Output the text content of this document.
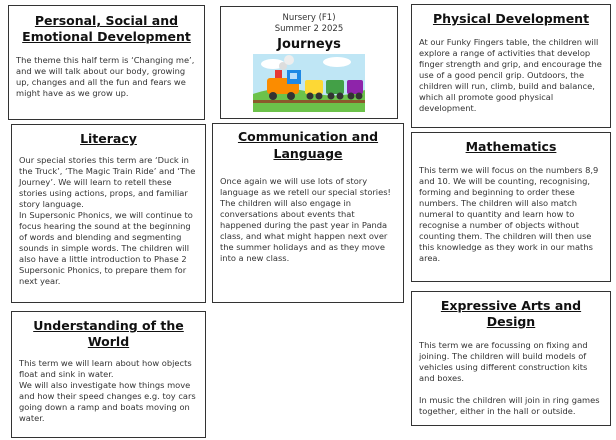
Personal, Social and Emotional Development

The theme this half term is ‘Changing me’, and we will talk about our body, growing up, changes and all the fun and fears we might have as we grow up.

Literacy

Our special stories this term are ‘Duck in the Truck’, ‘The Magic Train Ride’ and ‘The Journey’. We will learn to retell these stories using actions, props, and familiar story language.
In Supersonic Phonics, we will continue to focus hearing the sound at the beginning of words and blending and segmenting sounds in simple words. The children will also have a little introduction to Phase 2 Supersonic Phonics, to prepare them for next year.

Understanding of the World

This term we will learn about how objects float and sink in water.
We will also investigate how things move and how their speed changes e.g. toy cars going down a ramp and boats moving on water.

Nursery (F1)
Summer 2 2025
Journeys
Communication and Language

Once again we will use lots of story language as we retell our special stories! The children will also engage in conversations about events that happened during the past year in Panda class, and what might happen next over the summer holidays and as they move into a new class.

Physical Development

At our Funky Fingers table, the children will explore a range of activities that develop finger strength and grip, and encourage the use of a good pencil grip. Outdoors, the children will run, climb, build and balance, which all promote good physical development.

Mathematics

This term we will focus on the numbers 8,9 and 10. We will be counting, recognising, forming and beginning to order these numbers. The children will also match numeral to quantity and learn how to recognise a number of objects without counting them. The children will then use this knowledge as they work in our maths area.

Expressive Arts and Design

This term we are focussing on fixing and joining. The children will build models of vehicles using different construction kits and boxes.

In music the children will join in ring games together, either in the hall or outside.
